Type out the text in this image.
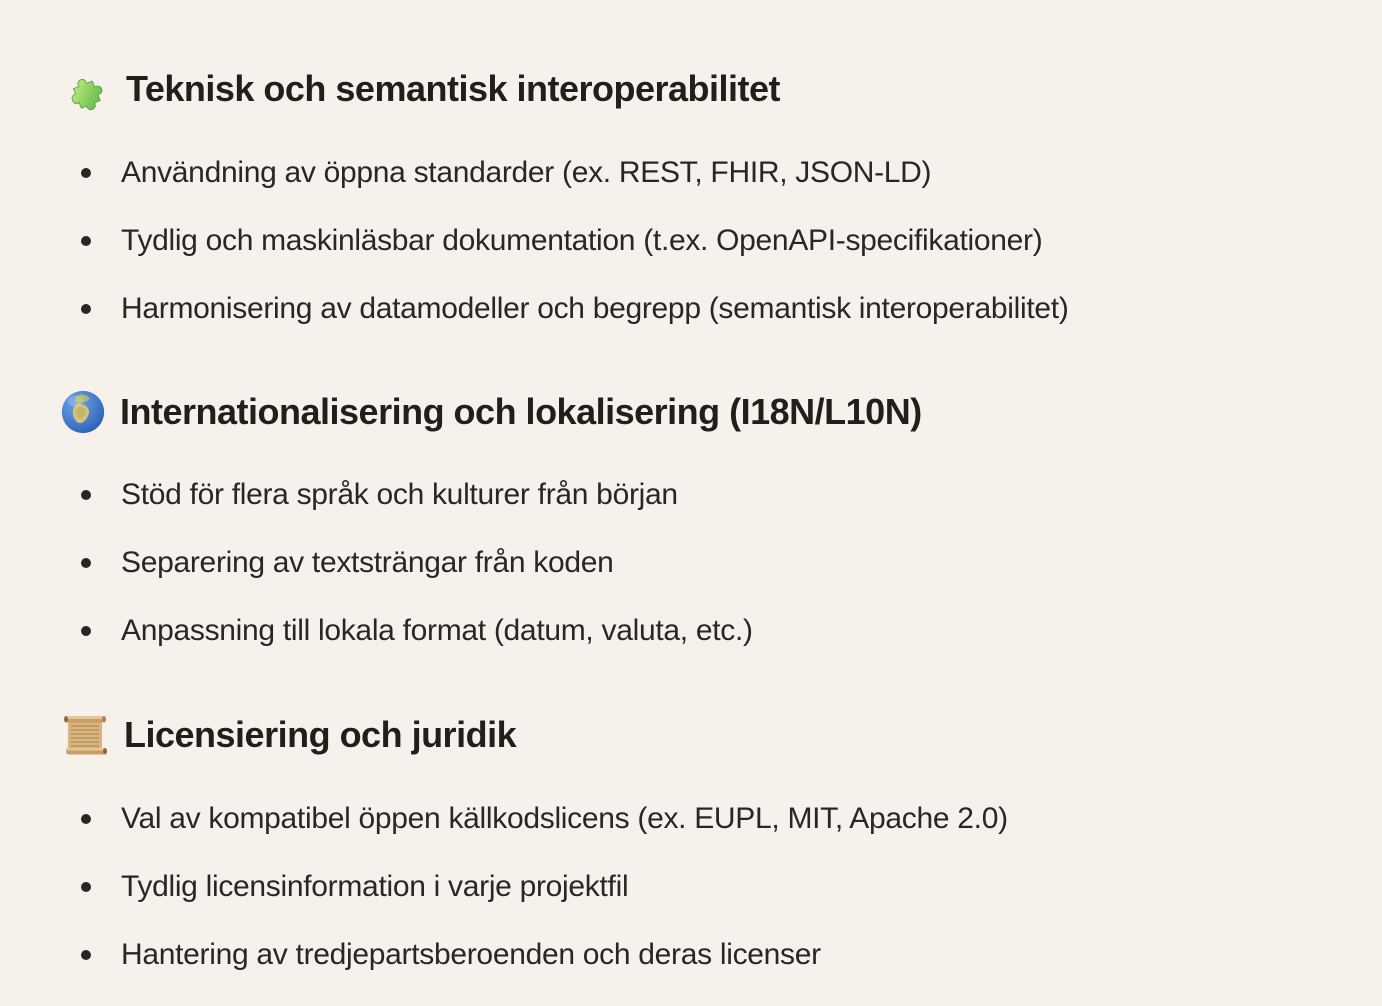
Teknisk och semantisk interoperabilitet
Användning av öppna standarder (ex. REST, FHIR, JSON-LD)
Tydlig och maskinläsbar dokumentation (t.ex. OpenAPI-specifikationer)
Harmonisering av datamodeller och begrepp (semantisk interoperabilitet)
Internationalisering och lokalisering (I18N/L10N)
Stöd för flera språk och kulturer från början
Separering av textsträngar från koden
Anpassning till lokala format (datum, valuta, etc.)
Licensiering och juridik
Val av kompatibel öppen källkodslicens (ex. EUPL, MIT, Apache 2.0)
Tydlig licensinformation i varje projektfil
Hantering av tredjepartsberoenden och deras licenser
